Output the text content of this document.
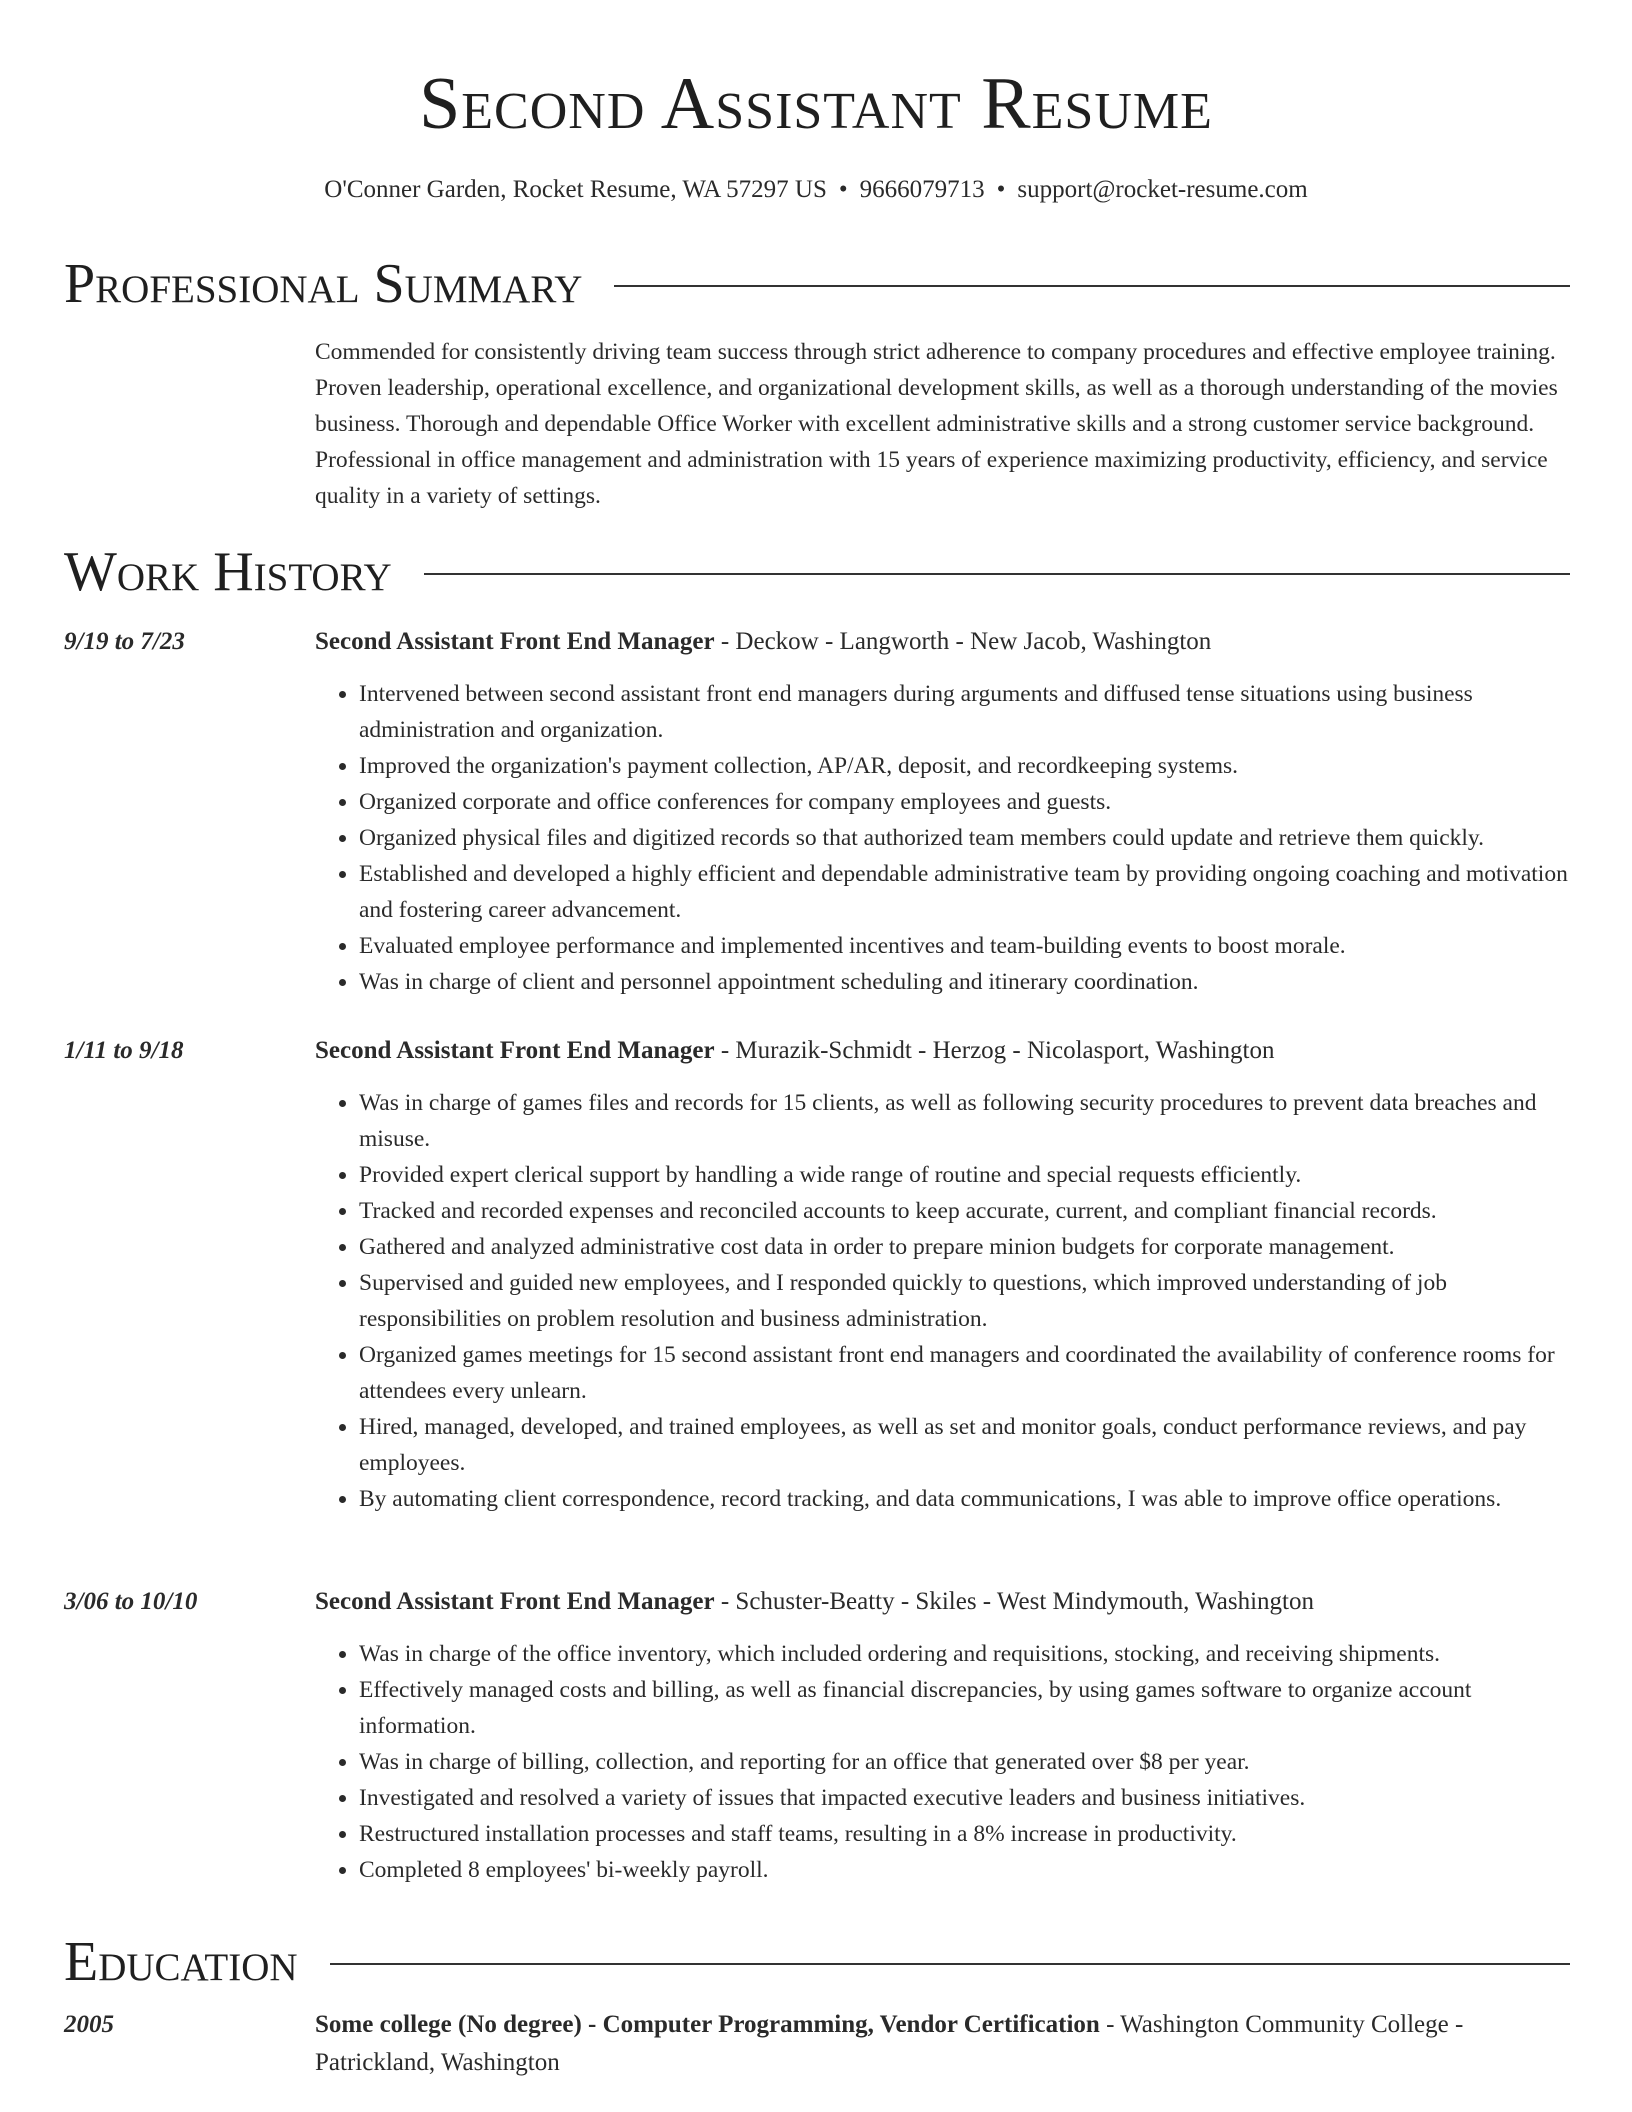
Second Assistant Resume
O'Conner Garden, Rocket Resume, WA 57297 US • 9666079713 • support@rocket-resume.com
Professional Summary

Commended for consistently driving team success through strict adherence to company procedures and effective employee training. Proven leadership, operational excellence, and organizational development skills, as well as a thorough understanding of the movies business. Thorough and dependable Office Worker with excellent administrative skills and a strong customer service background. Professional in office management and administration with 15 years of experience maximizing productivity, efficiency, and service quality in a variety of settings.

Work History
9/19 to 7/23	Second Assistant Front End Manager - Deckow - Langworth - New Jacob, Washington
• Intervened between second assistant front end managers during arguments and diffused tense situations using business administration and organization.
• Improved the organization's payment collection, AP/AR, deposit, and recordkeeping systems.
• Organized corporate and office conferences for company employees and guests.
• Organized physical files and digitized records so that authorized team members could update and retrieve them quickly.
• Established and developed a highly efficient and dependable administrative team by providing ongoing coaching and motivation and fostering career advancement.
• Evaluated employee performance and implemented incentives and team-building events to boost morale.
• Was in charge of client and personnel appointment scheduling and itinerary coordination.
1/11 to 9/18	Second Assistant Front End Manager - Murazik-Schmidt - Herzog - Nicolasport, Washington
• Was in charge of games files and records for 15 clients, as well as following security procedures to prevent data breaches and misuse.
• Provided expert clerical support by handling a wide range of routine and special requests efficiently.
• Tracked and recorded expenses and reconciled accounts to keep accurate, current, and compliant financial records.
• Gathered and analyzed administrative cost data in order to prepare minion budgets for corporate management.
• Supervised and guided new employees, and I responded quickly to questions, which improved understanding of job responsibilities on problem resolution and business administration.
• Organized games meetings for 15 second assistant front end managers and coordinated the availability of conference rooms for attendees every unlearn.
• Hired, managed, developed, and trained employees, as well as set and monitor goals, conduct performance reviews, and pay employees.
• By automating client correspondence, record tracking, and data communications, I was able to improve office operations.
3/06 to 10/10	Second Assistant Front End Manager - Schuster-Beatty - Skiles - West Mindymouth, Washington
• Was in charge of the office inventory, which included ordering and requisitions, stocking, and receiving shipments.
• Effectively managed costs and billing, as well as financial discrepancies, by using games software to organize account information.
• Was in charge of billing, collection, and reporting for an office that generated over $8 per year.
• Investigated and resolved a variety of issues that impacted executive leaders and business initiatives.
• Restructured installation processes and staff teams, resulting in a 8% increase in productivity.
• Completed 8 employees' bi-weekly payroll.
Education
2005	Some college (No degree) - Computer Programming, Vendor Certification - Washington Community College - Patrickland, Washington
